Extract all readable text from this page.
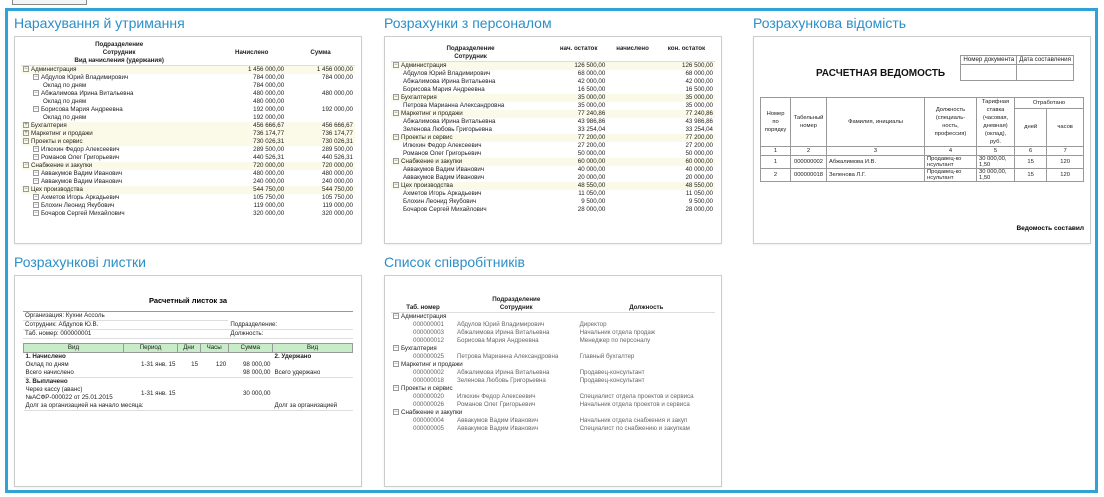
Нарахування й утримання
Подразделение		
Сотрудник	Начислено	Сумма
Вид начисления (удержания)		
− Администрация	1 456 000,00	1 456 000,00
− Абдулов Юрий Владимирович	784 000,00	784 000,00
Оклад по дням	784 000,00	
− Абжалимова Ирина Витальевна	480 000,00	480 000,00
Оклад по дням	480 000,00	
− Борисова Мария Андреевна	192 000,00	192 000,00
Оклад по дням	192 000,00	
+ Бухгалтерия	456 666,67	456 666,67
+ Маркетинг и продажи	736 174,77	736 174,77
− Проекты и сервис	730 026,31	730 026,31
− Илюхин Федор Алексеевич	289 500,00	289 500,00
− Романов Олег Григорьевич	440 526,31	440 526,31
− Снабжение и закупки	720 000,00	720 000,00
− Аввакумов Вадим Иванович	480 000,00	480 000,00
− Аввакумов Вадим Иванович	240 000,00	240 000,00
− Цех производства	544 750,00	544 750,00
− Ахметов Игорь Аркадьевич	105 750,00	105 750,00
− Блохин Леонид Якубович	119 000,00	119 000,00
− Бочаров Сергей Михайлович	320 000,00	320 000,00
Розрахунки з персоналом
Подразделение	нач. остаток	начислено	кон. остаток
Сотрудник			
− Администрация	126 500,00		126 500,00
Абдулов Юрий Владимирович	68 000,00		68 000,00
Абжалимова Ирина Витальевна	42 000,00		42 000,00
Борисова Мария Андреевна	16 500,00		16 500,00
− Бухгалтерия	35 000,00		35 000,00
Петрова Марианна Александровна	35 000,00		35 000,00
− Маркетинг и продажи	77 240,86		77 240,86
Абжалимова Ирина Витальевна	43 986,86		43 986,86
Зеленова Любовь Григорьевна	33 254,04		33 254,04
− Проекты и сервис	77 200,00		77 200,00
Илюхин Федор Алексеевич	27 200,00		27 200,00
Романов Олег Григорьевич	50 000,00		50 000,00
− Снабжение и закупки	60 000,00		60 000,00
Аввакумов Вадим Иванович	40 000,00		40 000,00
Аввакумов Вадим Иванович	20 000,00		20 000,00
− Цех производства	48 550,00		48 550,00
Ахметов Игорь Аркадьевич	11 050,00		11 050,00
Блохин Леонид Якубович	9 500,00		9 500,00
Бочаров Сергей Михайлович	28 000,00		28 000,00
Розрахункова відомість
Номер документа	Дата составления

РАСЧЕТНАЯ ВЕДОМОСТЬ
Номер по порядку	Табельный номер	Фамилия, инициалы	Должность (специаль- ность, профессия)	Тарифная ставка (часовая, дневная) (оклад), руб.	Отработано	
					дней	часов
1	2	3	4	5	6	7
1	000000002	Абжалимова И.В.	Продавец-ко нсультант	30 000,00, 1,50	15	120
2	000000018	Зеленова Л.Г.	Продавец-ко нсультант	30 000,00, 1,50	15	120
Ведомость составил
Розрахункові листки
Расчетный листок за
Организация: Кухни Ассоль	
Сотрудник: Абдулов Ю.В.	Подразделение:
Таб. номер: 000000001	Должность:
Вид	Период	Дни	Часы	Сумма	Вид
1. Начислено					2. Удержано
Оклад по дням	1-31 янв. 15	15	120	98 000,00	
Всего начислено				98 000,00	Всего удержано
3. Выплачено					
Через кассу (аванс) №АСФР-000022 от 25.01.2015	1-31 янв. 15			30 000,00	
Долг за организацией на начало месяца:					Долг за организацией
Список співробітників
	Подразделение	
Таб. номер	Сотрудник	Должность
− Администрация		
000000001	Абдулов Юрий Владимирович	Директор
000000003	Абжалимова Ирина Витальевна	Начальник отдела продаж
000000012	Борисова Мария Андреевна	Менеджер по персоналу
− Бухгалтерия		
000000025	Петрова Марианна Александровна	Главный бухгалтер
− Маркетинг и продажи		
000000002	Абжалимова Ирина Витальевна	Продавец-консультант
000000018	Зеленова Любовь Григорьевна	Продавец-консультант
− Проекты и сервис		
000000020	Илюхин Федор Алексеевич	Специалист отдела проектов и сервиса
000000026	Романов Олег Григорьевич	Начальник отдела проектов и сервиса
− Снабжение и закупки		
000000004	Аввакумов Вадим Иванович	Начальник отдела снабжения и закуп
000000005	Аввакумов Вадим Иванович	Специалист по снабжению и закупкам
